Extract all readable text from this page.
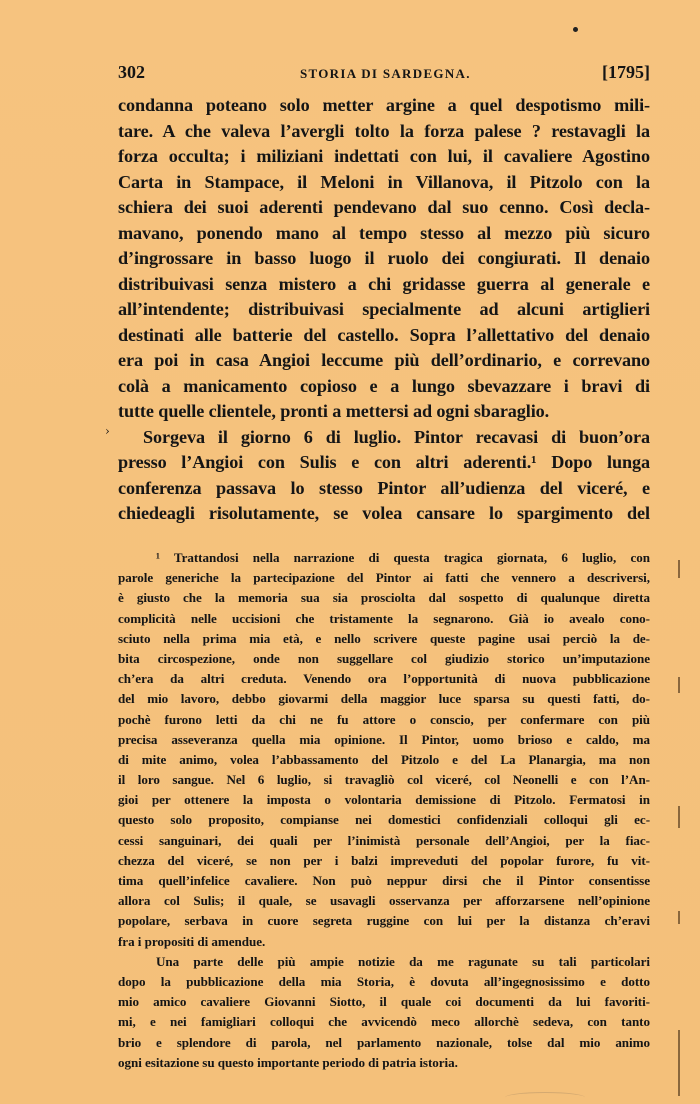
302	STORIA DI SARDEGNA.	[1795]
condanna poteano solo metter argine a quel despotismo mili-
tare. A che valeva l’avergli tolto la forza palese ? restavagli la
forza occulta; i miliziani indettati con lui, il cavaliere Agostino
Carta in Stampace, il Meloni in Villanova, il Pitzolo con la
schiera dei suoi aderenti pendevano dal suo cenno. Così decla-
mavano, ponendo mano al tempo stesso al mezzo più sicuro
d’ingrossare in basso luogo il ruolo dei congiurati. Il denaio
distribuivasi senza mistero a chi gridasse guerra al generale e
all’intendente; distribuivasi specialmente ad alcuni artiglieri
destinati alle batterie del castello. Sopra l’allettativo del denaio
era poi in casa Angioi leccume più dell’ordinario, e correvano
colà a manicamento copioso e a lungo sbevazzare i bravi di
tutte quelle clientele, pronti a mettersi ad ogni sbaraglio.
Sorgeva il giorno 6 di luglio. Pintor recavasi di buon’ora
presso l’Angioi con Sulis e con altri aderenti.¹ Dopo lunga
conferenza passava lo stesso Pintor all’udienza del viceré, e
chiedeagli risolutamente, se volea cansare lo spargimento del
›
¹ Trattandosi nella narrazione di questa tragica giornata, 6 luglio, con
parole generiche la partecipazione del Pintor ai fatti che vennero a descriversi,
è giusto che la memoria sua sia prosciolta dal sospetto di qualunque diretta
complicità nelle uccisioni che tristamente la segnarono. Già io avealo cono-
sciuto nella prima mia età, e nello scrivere queste pagine usai perciò la de-
bita circospezione, onde non suggellare col giudizio storico un’imputazione
ch’era da altri creduta. Venendo ora l’opportunità di nuova pubblicazione
del mio lavoro, debbo giovarmi della maggior luce sparsa su questi fatti, do-
pochè furono letti da chi ne fu attore o conscio, per confermare con più
precisa asseveranza quella mia opinione. Il Pintor, uomo brioso e caldo, ma
di mite animo, volea l’abbassamento del Pitzolo e del La Planargia, ma non
il loro sangue. Nel 6 luglio, si travagliò col viceré, col Neonelli e con l’An-
gioi per ottenere la imposta o volontaria demissione di Pitzolo. Fermatosi in
questo solo proposito, compianse nei domestici confidenziali colloqui gli ec-
cessi sanguinari, dei quali per l’inimistà personale dell’Angioi, per la fiac-
chezza del viceré, se non per i balzi impreveduti del popolar furore, fu vit-
tima quell’infelice cavaliere. Non può neppur dirsi che il Pintor consentisse
allora col Sulis; il quale, se usavagli osservanza per afforzarsene nell’opinione
popolare, serbava in cuore segreta ruggine con lui per la distanza ch’eravi
fra i propositi di amendue.
Una parte delle più ampie notizie da me ragunate su tali particolari
dopo la pubblicazione della mia Storia, è dovuta all’ingegnosissimo e dotto
mio amico cavaliere Giovanni Siotto, il quale coi documenti da lui favoriti-
mi, e nei famigliari colloqui che avvicendò meco allorchè sedeva, con tanto
brio e splendore di parola, nel parlamento nazionale, tolse dal mio animo
ogni esitazione su questo importante periodo di patria istoria.
